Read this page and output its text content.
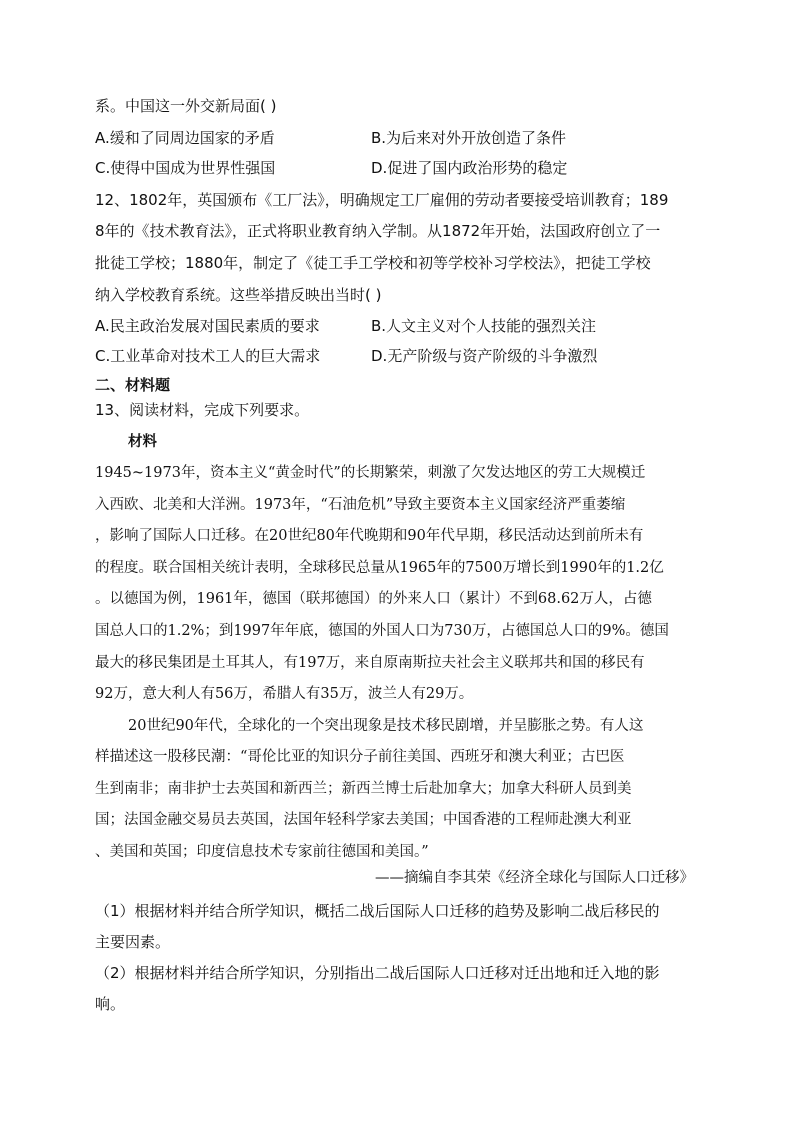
系。中国这一外交新局面( )
A.缓和了同周边国家的矛盾	B.为后来对外开放创造了条件
C.使得中国成为世界性强国	D.促进了国内政治形势的稳定
12、1802年，英国颁布《工厂法》，明确规定工厂雇佣的劳动者要接受培训教育；189
8年的《技术教育法》，正式将职业教育纳入学制。从1872年开始，法国政府创立了一
批徒工学校；1880年，制定了《徒工手工学校和初等学校补习学校法》，把徒工学校
纳入学校教育系统。这些举措反映出当时( )
A.民主政治发展对国民素质的要求	B.人文主义对个人技能的强烈关注
C.工业革命对技术工人的巨大需求	D.无产阶级与资产阶级的斗争激烈
二、材料题
13、阅读材料，完成下列要求。
材料
1945~1973年，资本主义“黄金时代”的长期繁荣，刺激了欠发达地区的劳工大规模迁
入西欧、北美和大洋洲。1973年，“石油危机”导致主要资本主义国家经济严重萎缩
，影响了国际人口迁移。在20世纪80年代晚期和90年代早期，移民活动达到前所未有
的程度。联合国相关统计表明，全球移民总量从1965年的7500万增长到1990年的1.2亿
。以德国为例，1961年，德国（联邦德国）的外来人口（累计）不到68.62万人，占德
国总人口的1.2%；到1997年年底，德国的外国人口为730万，占德国总人口的9%。德国
最大的移民集团是土耳其人，有197万，来自原南斯拉夫社会主义联邦共和国的移民有
92万，意大利人有56万，希腊人有35万，波兰人有29万。
20世纪90年代，全球化的一个突出现象是技术移民剧增，并呈膨胀之势。有人这
样描述这一股移民潮：“哥伦比亚的知识分子前往美国、西班牙和澳大利亚；古巴医
生到南非；南非护士去英国和新西兰；新西兰博士后赴加拿大；加拿大科研人员到美
国；法国金融交易员去英国，法国年轻科学家去美国；中国香港的工程师赴澳大利亚
、美国和英国；印度信息技术专家前往德国和美国。”
——摘编自李其荣《经济全球化与国际人口迁移》
（1）根据材料并结合所学知识，概括二战后国际人口迁移的趋势及影响二战后移民的
主要因素。
（2）根据材料并结合所学知识，分别指出二战后国际人口迁移对迁出地和迁入地的影
响。
